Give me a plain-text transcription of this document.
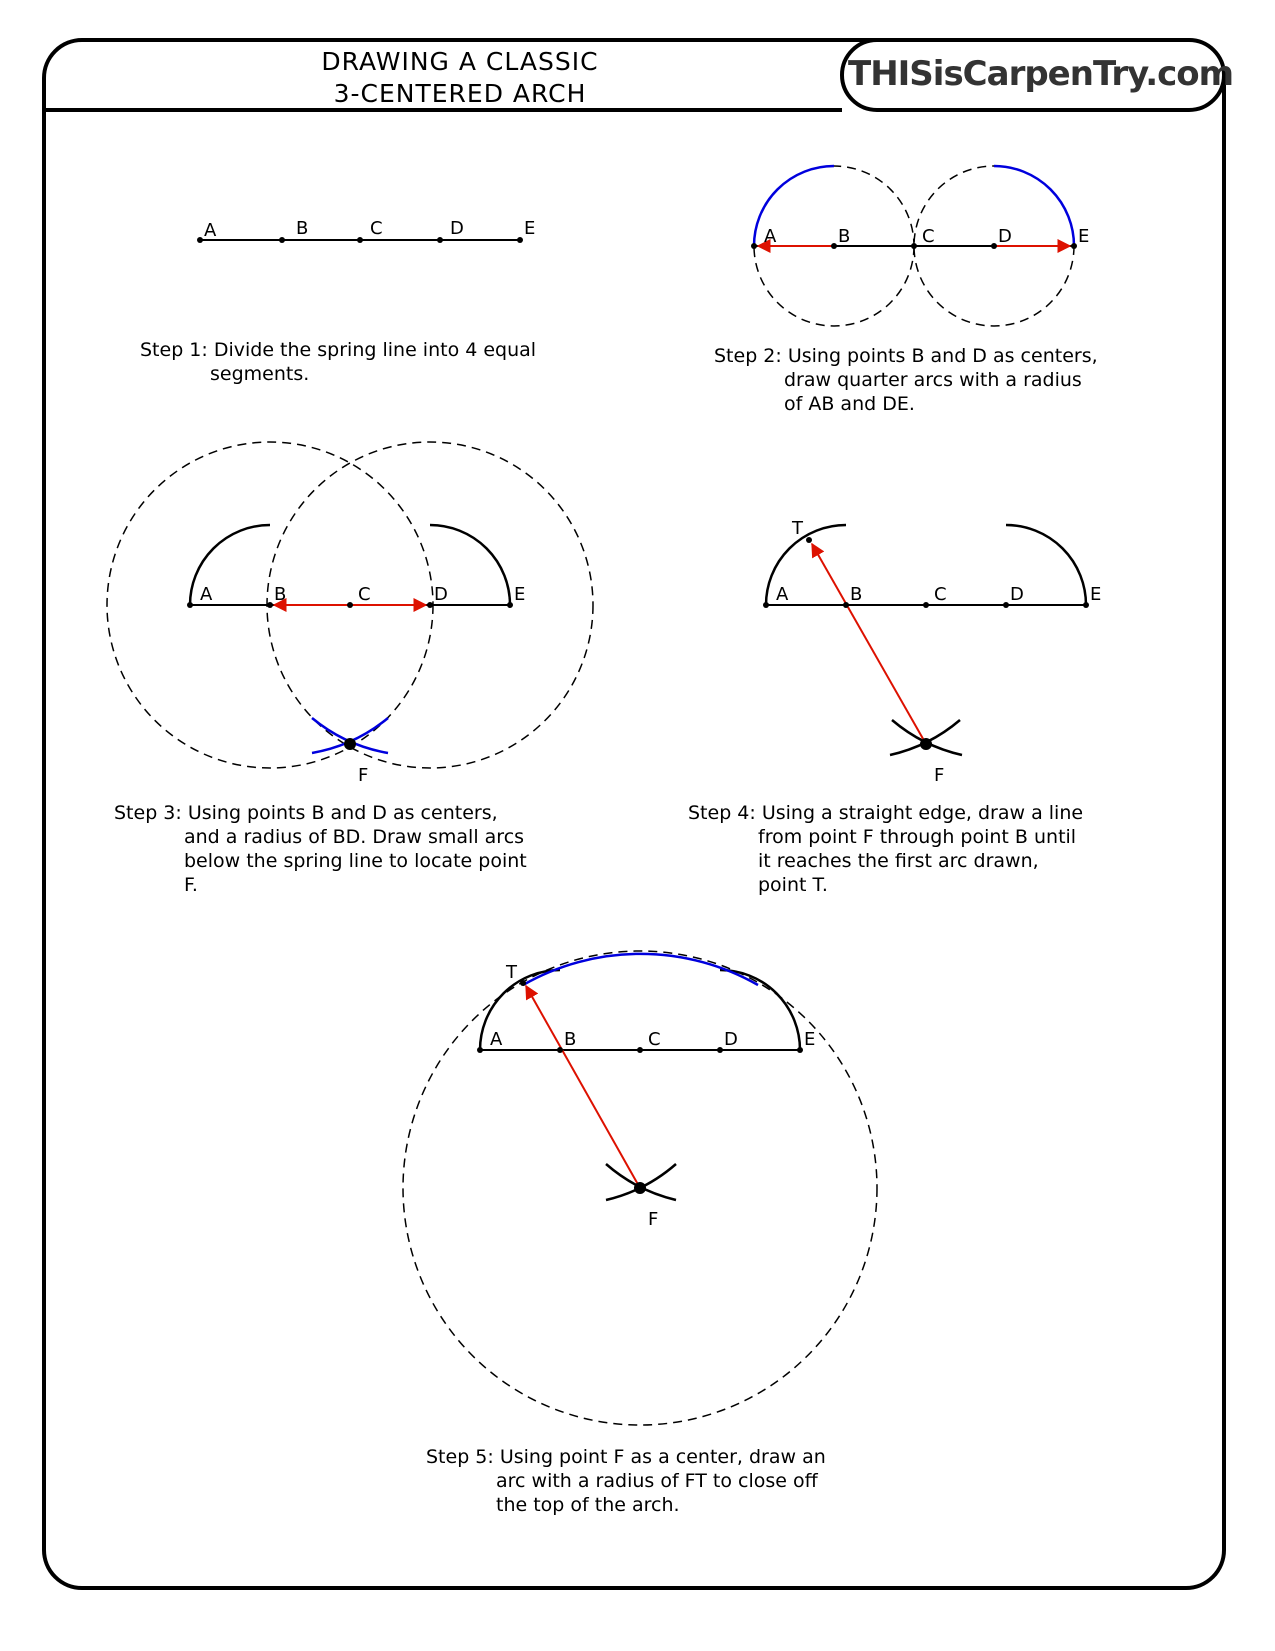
A	B	C	D	E	A	B	C	D	E
A	B	C	D	E
F
A	B	C	D	E
T
F
A	B	C	D	E
T
F
DRAWING A CLASSIC
3-CENTERED ARCH	THISisCarpenTry.com
Step 1: Divide the spring line into 4 equal
segments.
Step 2: Using points B and D as centers,
draw quarter arcs with a radius
of AB and DE.
Step 3: Using points B and D as centers,
and a radius of BD. Draw small arcs
below the spring line to locate point
F.
Step 4: Using a straight edge, draw a line
from point F through point B until
it reaches the first arc drawn,
point T.
Step 5: Using point F as a center, draw an
arc with a radius of FT to close off
the top of the arch.
